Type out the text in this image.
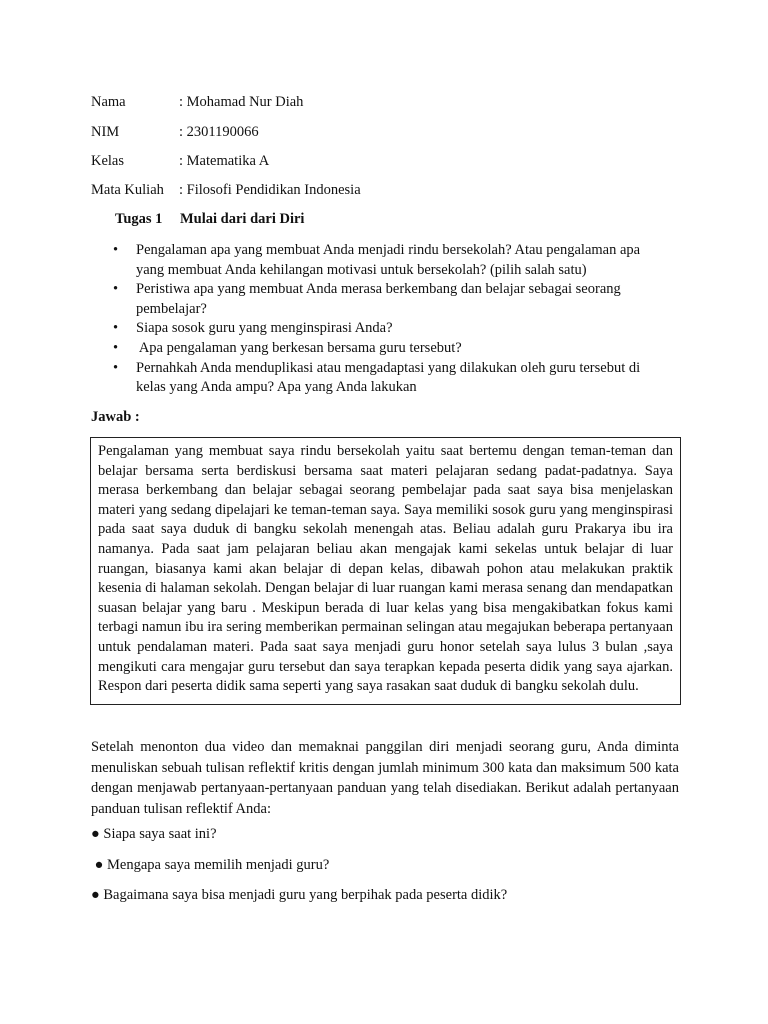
Nama	: Mohamad Nur Diah
NIM	: 2301190066
Kelas	: Matematika A
Mata Kuliah : Filosofi Pendidikan Indonesia
Tugas 1 Mulai dari dari Diri
• Pengalaman apa yang membuat Anda menjadi rindu bersekolah? Atau pengalaman apa yang membuat Anda kehilangan motivasi untuk bersekolah? (pilih salah satu)
• Peristiwa apa yang membuat Anda merasa berkembang dan belajar sebagai seorang pembelajar?
• Siapa sosok guru yang menginspirasi Anda?
• Apa pengalaman yang berkesan bersama guru tersebut?
• Pernahkah Anda menduplikasi atau mengadaptasi yang dilakukan oleh guru tersebut di kelas yang Anda ampu? Apa yang Anda lakukan
Jawab :
Pengalaman yang membuat saya rindu bersekolah yaitu saat bertemu dengan teman-teman dan belajar bersama serta berdiskusi bersama saat materi pelajaran sedang padat-padatnya. Saya merasa berkembang dan belajar sebagai seorang pembelajar pada saat saya bisa menjelaskan materi yang sedang dipelajari ke teman-teman saya. Saya memiliki sosok guru yang menginspirasi pada saat saya duduk di bangku sekolah menengah atas. Beliau adalah guru Prakarya ibu ira namanya. Pada saat jam pelajaran beliau akan mengajak kami sekelas untuk belajar di luar ruangan, biasanya kami akan belajar di depan kelas, dibawah pohon atau melakukan praktik kesenia di halaman sekolah. Dengan belajar di luar ruangan kami merasa senang dan mendapatkan suasan belajar yang baru . Meskipun berada di luar kelas yang bisa mengakibatkan fokus kami terbagi namun ibu ira sering memberikan permainan selingan atau megajukan beberapa pertanyaan untuk pendalaman materi. Pada saat saya menjadi guru honor setelah saya lulus 3 bulan ,saya mengikuti cara mengajar guru tersebut dan saya terapkan kepada peserta didik yang saya ajarkan. Respon dari peserta didik sama seperti yang saya rasakan saat duduk di bangku sekolah dulu.
Setelah menonton dua video dan memaknai panggilan diri menjadi seorang guru, Anda diminta menuliskan sebuah tulisan reflektif kritis dengan jumlah minimum 300 kata dan maksimum 500 kata dengan menjawab pertanyaan-pertanyaan panduan yang telah disediakan. Berikut adalah pertanyaan panduan tulisan reflektif Anda:
● Siapa saya saat ini?
● Mengapa saya memilih menjadi guru?
● Bagaimana saya bisa menjadi guru yang berpihak pada peserta didik?
